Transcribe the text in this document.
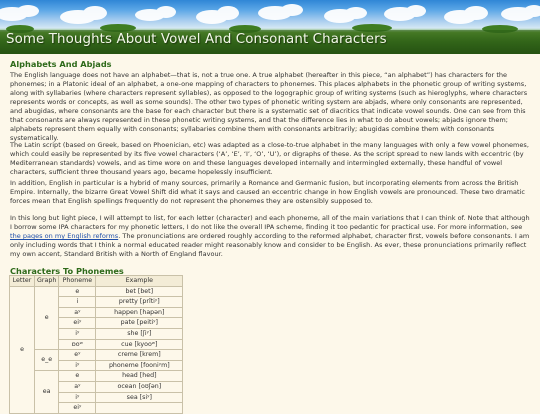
Some Thoughts About Vowel And Consonant Characters
Alphabets And Abjads

The English language does not have an alphabet—that is, not a true one. A true alphabet (hereafter in this piece, “an alphabet”) has characters for the phonemes; in a Platonic ideal of an alphabet, a one-one mapping of characters to phonemes. This places alphabets in the phonetic group of writing systems, along with syllabaries (where characters represent syllables), as opposed to the logographic group of writing systems (such as hieroglyphs, where characters represents words or concepts, as well as some sounds). The other two types of phonetic writing system are abjads, where only consonants are represented, and abugidas, where consonants are the base for each character but there is a systematic set of diacritics that indicate vowel sounds. One can see from this that consonants are always represented in these phonetic writing systems, and that the difference lies in what to do about vowels; abjads ignore them; alphabets represent them equally with consonants; syllabaries combine them with consonants arbitrarily; abugidas combine them with consonants systematically.

The Latin script (based on Greek, based on Phoenician, etc) was adapted as a close-to-true alphabet in the many languages with only a few vowel phonemes, which could easily be represented by its five vowel characters (‘A’, ‘E’, ‘I’, ‘O’, ‘U’), or digraphs of these. As the script spread to new lands with eccentric (by Mediterranean standards) vowels, and as time wore on and these languages developed internally and intermingled externally, these handful of vowel characters, sufficient three thousand years ago, became hopelessly insufficient.

In addition, English in particular is a hybrid of many sources, primarily a Romance and Germanic fusion, but incorporating elements from across the British Empire. Internally, the bizarre Great Vowel Shift did what it says and caused an eccentric change in how English vowels are pronounced. These two dramatic forces mean that English spellings frequently do not represent the phonemes they are ostensibly supposed to.

In this long but light piece, I will attempt to list, for each letter (character) and each phoneme, all of the main variations that I can think of. Note that although I borrow some IPA characters for my phonetic letters, I do not like the overall IPA scheme, finding it too pedantic for practical use. For more information, see the pages on my English reforms. The pronunciations are ordered roughly according to the reformed alphabet, character first, vowels before consonants. I am only including words that I think a normal educated reader might reasonably know and consider to be English. As ever, these pronunciations primarily reflect my own accent, Standard British with a North of England flavour.

Characters To Phonemes
Letter	Graph	Phoneme	Example
e	e	e	bet [bet]
		i	pretty [prîtiʸ]
		aʸ	happen [hapən]
		eiʸ	pate [peitiʸ]
		iʸ	she [ʃiʸ]
		ɒoʷ	cue [kyooʷ]
	e_e	eʸ	creme [krem]
		iʸ	phoneme [fooniʸm]
	ea	e	head [hed]
		aʸ	ocean [oʊʃən]
		iʸ	sea [siʸ]
		eiʸ	
